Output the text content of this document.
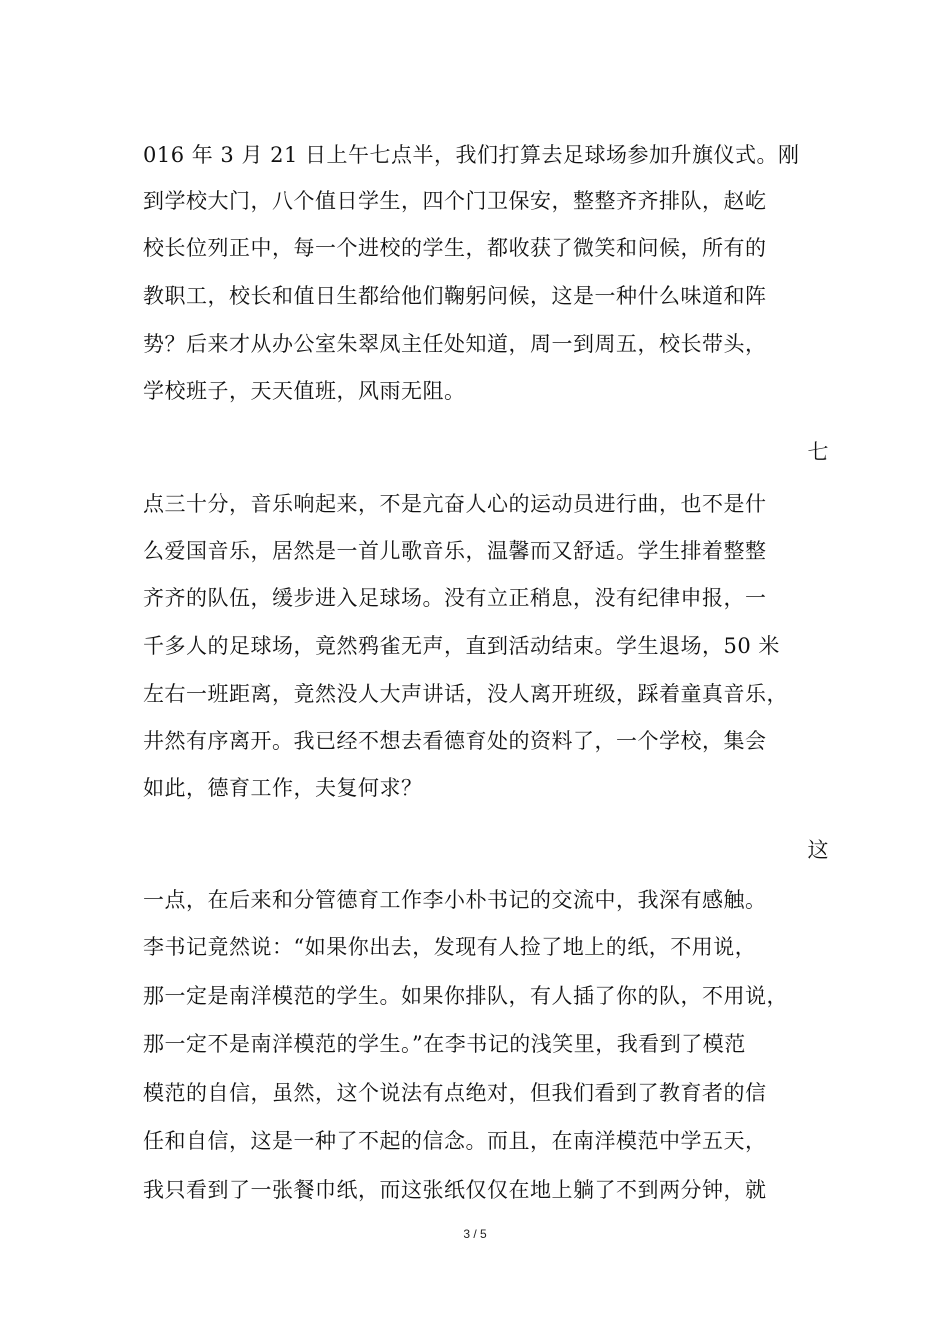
016 年 3 月 21 日上午七点半，我们打算去足球场参加升旗仪式。刚
到学校大门，八个值日学生，四个门卫保安，整整齐齐排队，赵屹
校长位列正中，每一个进校的学生，都收获了微笑和问候，所有的
教职工，校长和值日生都给他们鞠躬问候，这是一种什么味道和阵
势？后来才从办公室朱翠凤主任处知道，周一到周五，校长带头，
学校班子，天天值班，风雨无阻。
七
点三十分，音乐响起来，不是亢奋人心的运动员进行曲，也不是什
么爱国音乐，居然是一首儿歌音乐，温馨而又舒适。学生排着整整
齐齐的队伍，缓步进入足球场。没有立正稍息，没有纪律申报，一
千多人的足球场，竟然鸦雀无声，直到活动结束。学生退场，50 米
左右一班距离，竟然没人大声讲话，没人离开班级，踩着童真音乐，
井然有序离开。我已经不想去看德育处的资料了，一个学校，集会
如此，德育工作，夫复何求？
这
一点，在后来和分管德育工作李小朴书记的交流中，我深有感触。
李书记竟然说：“如果你出去，发现有人捡了地上的纸，不用说，
那一定是南洋模范的学生。如果你排队，有人插了你的队，不用说，
那一定不是南洋模范的学生。”在李书记的浅笑里，我看到了模范
模范的自信，虽然，这个说法有点绝对，但我们看到了教育者的信
任和自信，这是一种了不起的信念。而且，在南洋模范中学五天，
我只看到了一张餐巾纸，而这张纸仅仅在地上躺了不到两分钟，就
3 / 5
